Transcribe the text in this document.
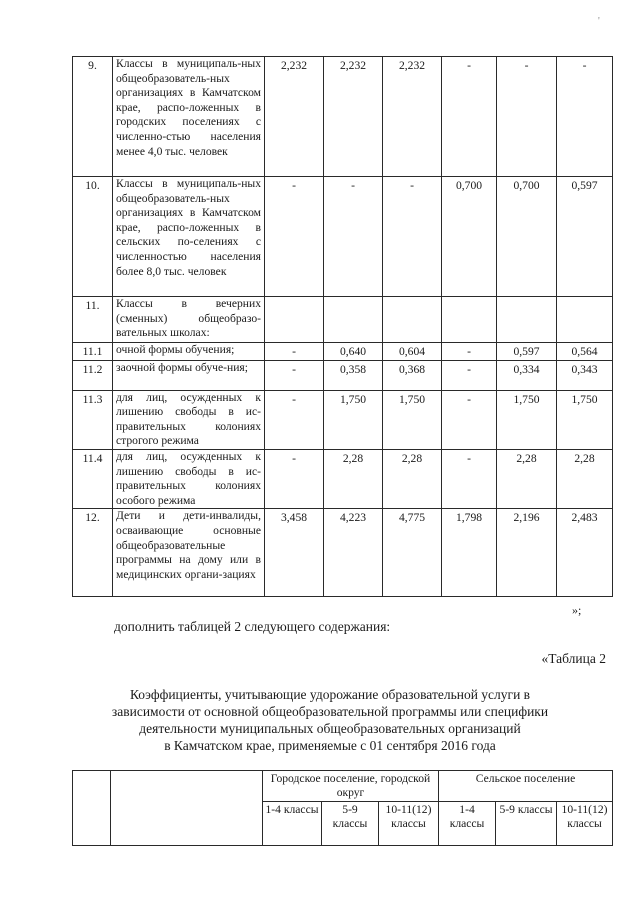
'
9.	Классы в муниципаль-ных общеобразователь-ных организациях в Камчатском крае, распо-ложенных в городских поселениях с численно-стью населения менее 4,0 тыс. человек	2,232	2,232	2,232	-	-	-
10.	Классы в муниципаль-ных общеобразователь-ных организациях в Камчатском крае, распо-ложенных в сельских по-селениях с численностью населения более 8,0 тыс. человек	-	-	-	0,700	0,700	0,597
11.	Классы в вечерних (сменных) общеобразо-вательных школах:						
11.1	очной формы обучения;	-	0,640	0,604	-	0,597	0,564
11.2	заочной формы обуче-ния;	-	0,358	0,368	-	0,334	0,343
11.3	для лиц, осужденных к лишению свободы в ис-правительных колониях строгого режима	-	1,750	1,750	-	1,750	1,750
11.4	для лиц, осужденных к лишению свободы в ис-правительных колониях особого режима	-	2,28	2,28	-	2,28	2,28
12.	Дети и дети-инвалиды, осваивающие основные общеобразовательные программы на дому или в медицинских органи-зациях	3,458	4,223	4,775	1,798	2,196	2,483
»;
дополнить таблицей 2 следующего содержания:
«Таблица 2
Коэффициенты, учитывающие удорожание образовательной услуги в
зависимости от основной общеобразовательной программы или специфики
деятельности муниципальных общеобразовательных организаций
в Камчатском крае, применяемые с 01 сентября 2016 года
		Городское поселение, городской округ			Сельское поселение		
		1-4 классы	5-9 классы	10-11(12) классы	1-4 классы	5-9 классы	10-11(12) классы
